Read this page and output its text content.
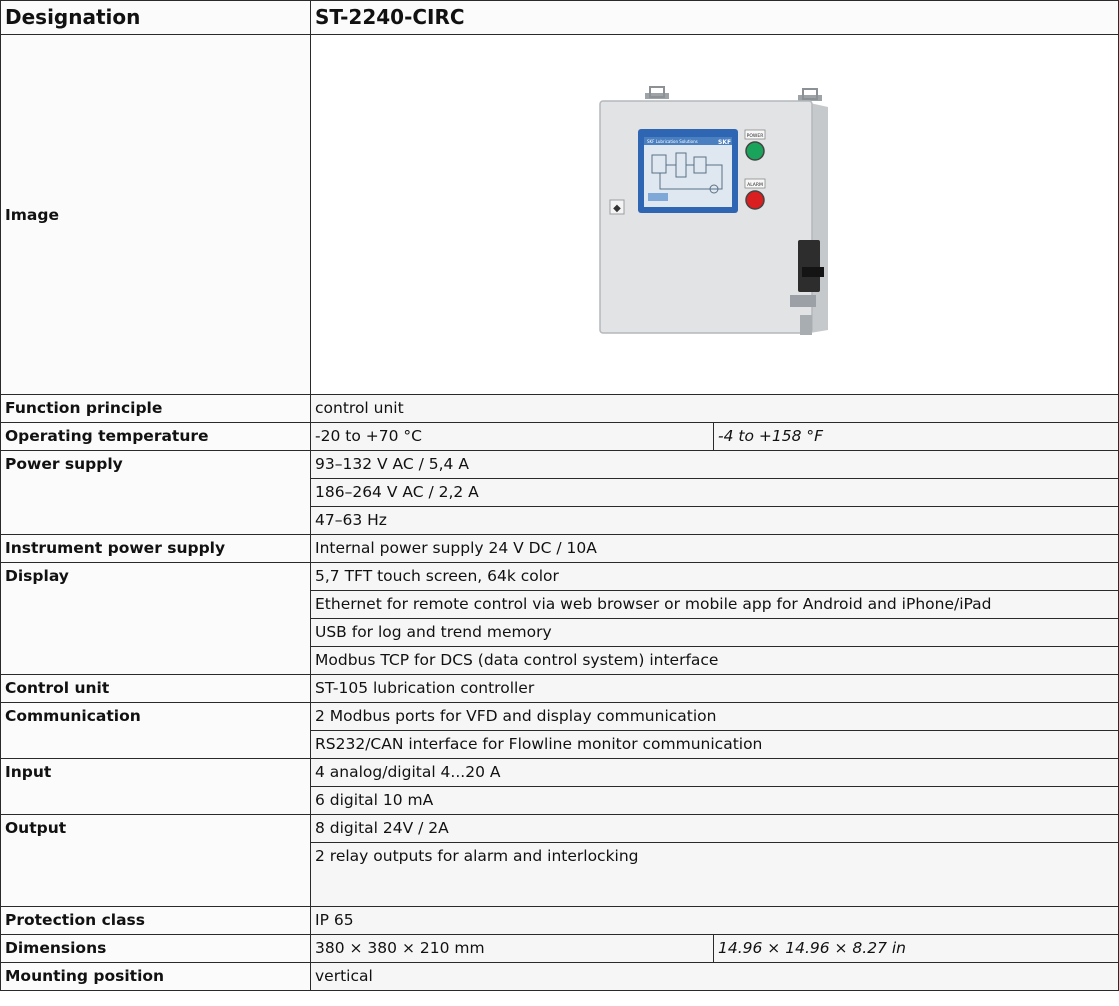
Designation	ST-2240-CIRC	
Image	◆
SKF Lubrication Solutions SKF
POWER
ALARM	

Function principle	control unit	
Operating temperature	-20 to +70 °C	-4 to +158 °F
Power supply	93–132 V AC / 5,4 A	
	186–264 V AC / 2,2 A	
	47–63 Hz	
Instrument power supply	Internal power supply 24 V DC / 10A	
Display	5,7 TFT touch screen, 64k color	
	Ethernet for remote control via web browser or mobile app for Android and iPhone/iPad	
	USB for log and trend memory	
	Modbus TCP for DCS (data control system) interface	
Control unit	ST-105 lubrication controller	
Communication	2 Modbus ports for VFD and display communication	
	RS232/CAN interface for Flowline monitor communication	
Input	4 analog/digital 4...20 A	
	6 digital 10 mA	
Output	8 digital 24V / 2A	
	2 relay outputs for alarm and interlocking	
Protection class	IP 65	
Dimensions	380 × 380 × 210 mm	14.96 × 14.96 × 8.27 in
Mounting position	vertical	
